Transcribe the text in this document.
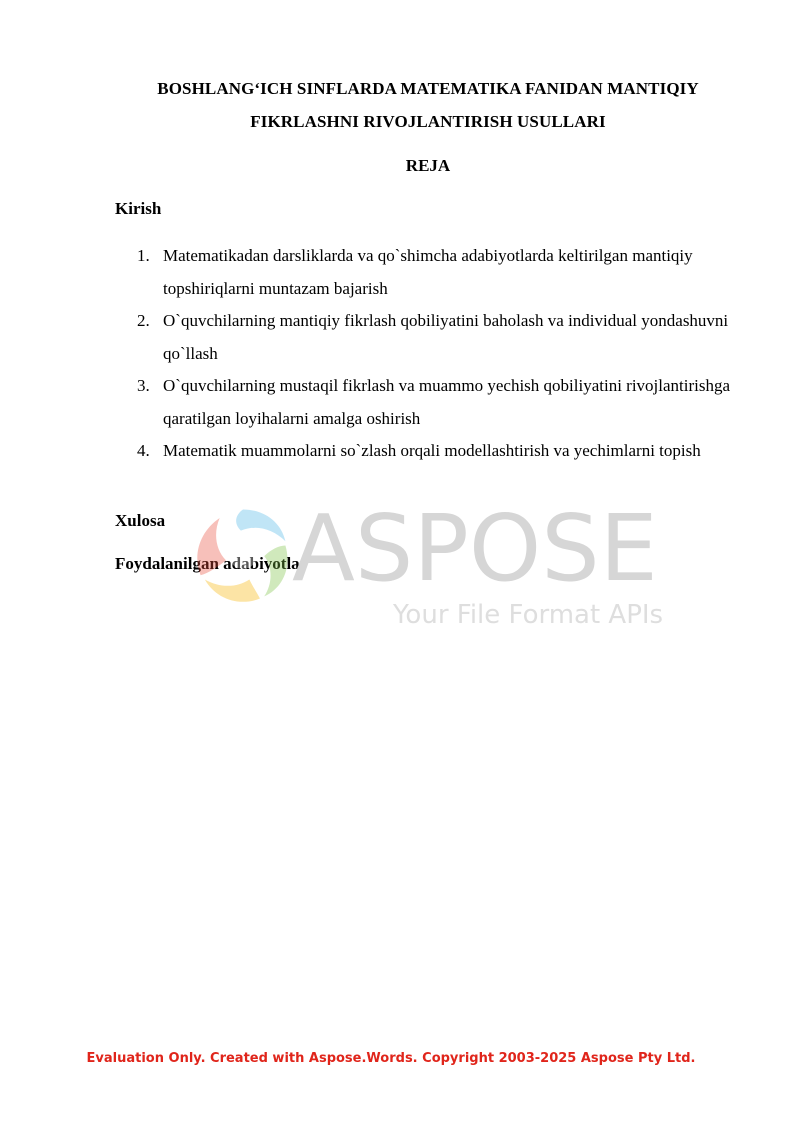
BOSHLANG‘ICH SINFLARDA MATEMATIKA FANIDAN MANTIQIY
FIKRLASHNI RIVOJLANTIRISH USULLARI
REJA
Kirish
1. Matematikadan darsliklarda va qo`shimcha adabiyotlarda keltirilgan mantiqiy topshiriqlarni muntazam bajarish
2. O`quvchilarning mantiqiy fikrlash qobiliyatini baholash va individual yondashuvni qo`llash
3. O`quvchilarning mustaqil fikrlash va muammo yechish qobiliyatini rivojlantirishga qaratilgan loyihalarni amalga oshirish
4. Matematik muammolarni so`zlash orqali modellashtirish va yechimlarni topish
Xulosa
Foydalanilgan adabiyotlar
ASPOSE
Your File Format APIs
Evaluation Only. Created with Aspose.Words. Copyright 2003-2025 Aspose Pty Ltd.
